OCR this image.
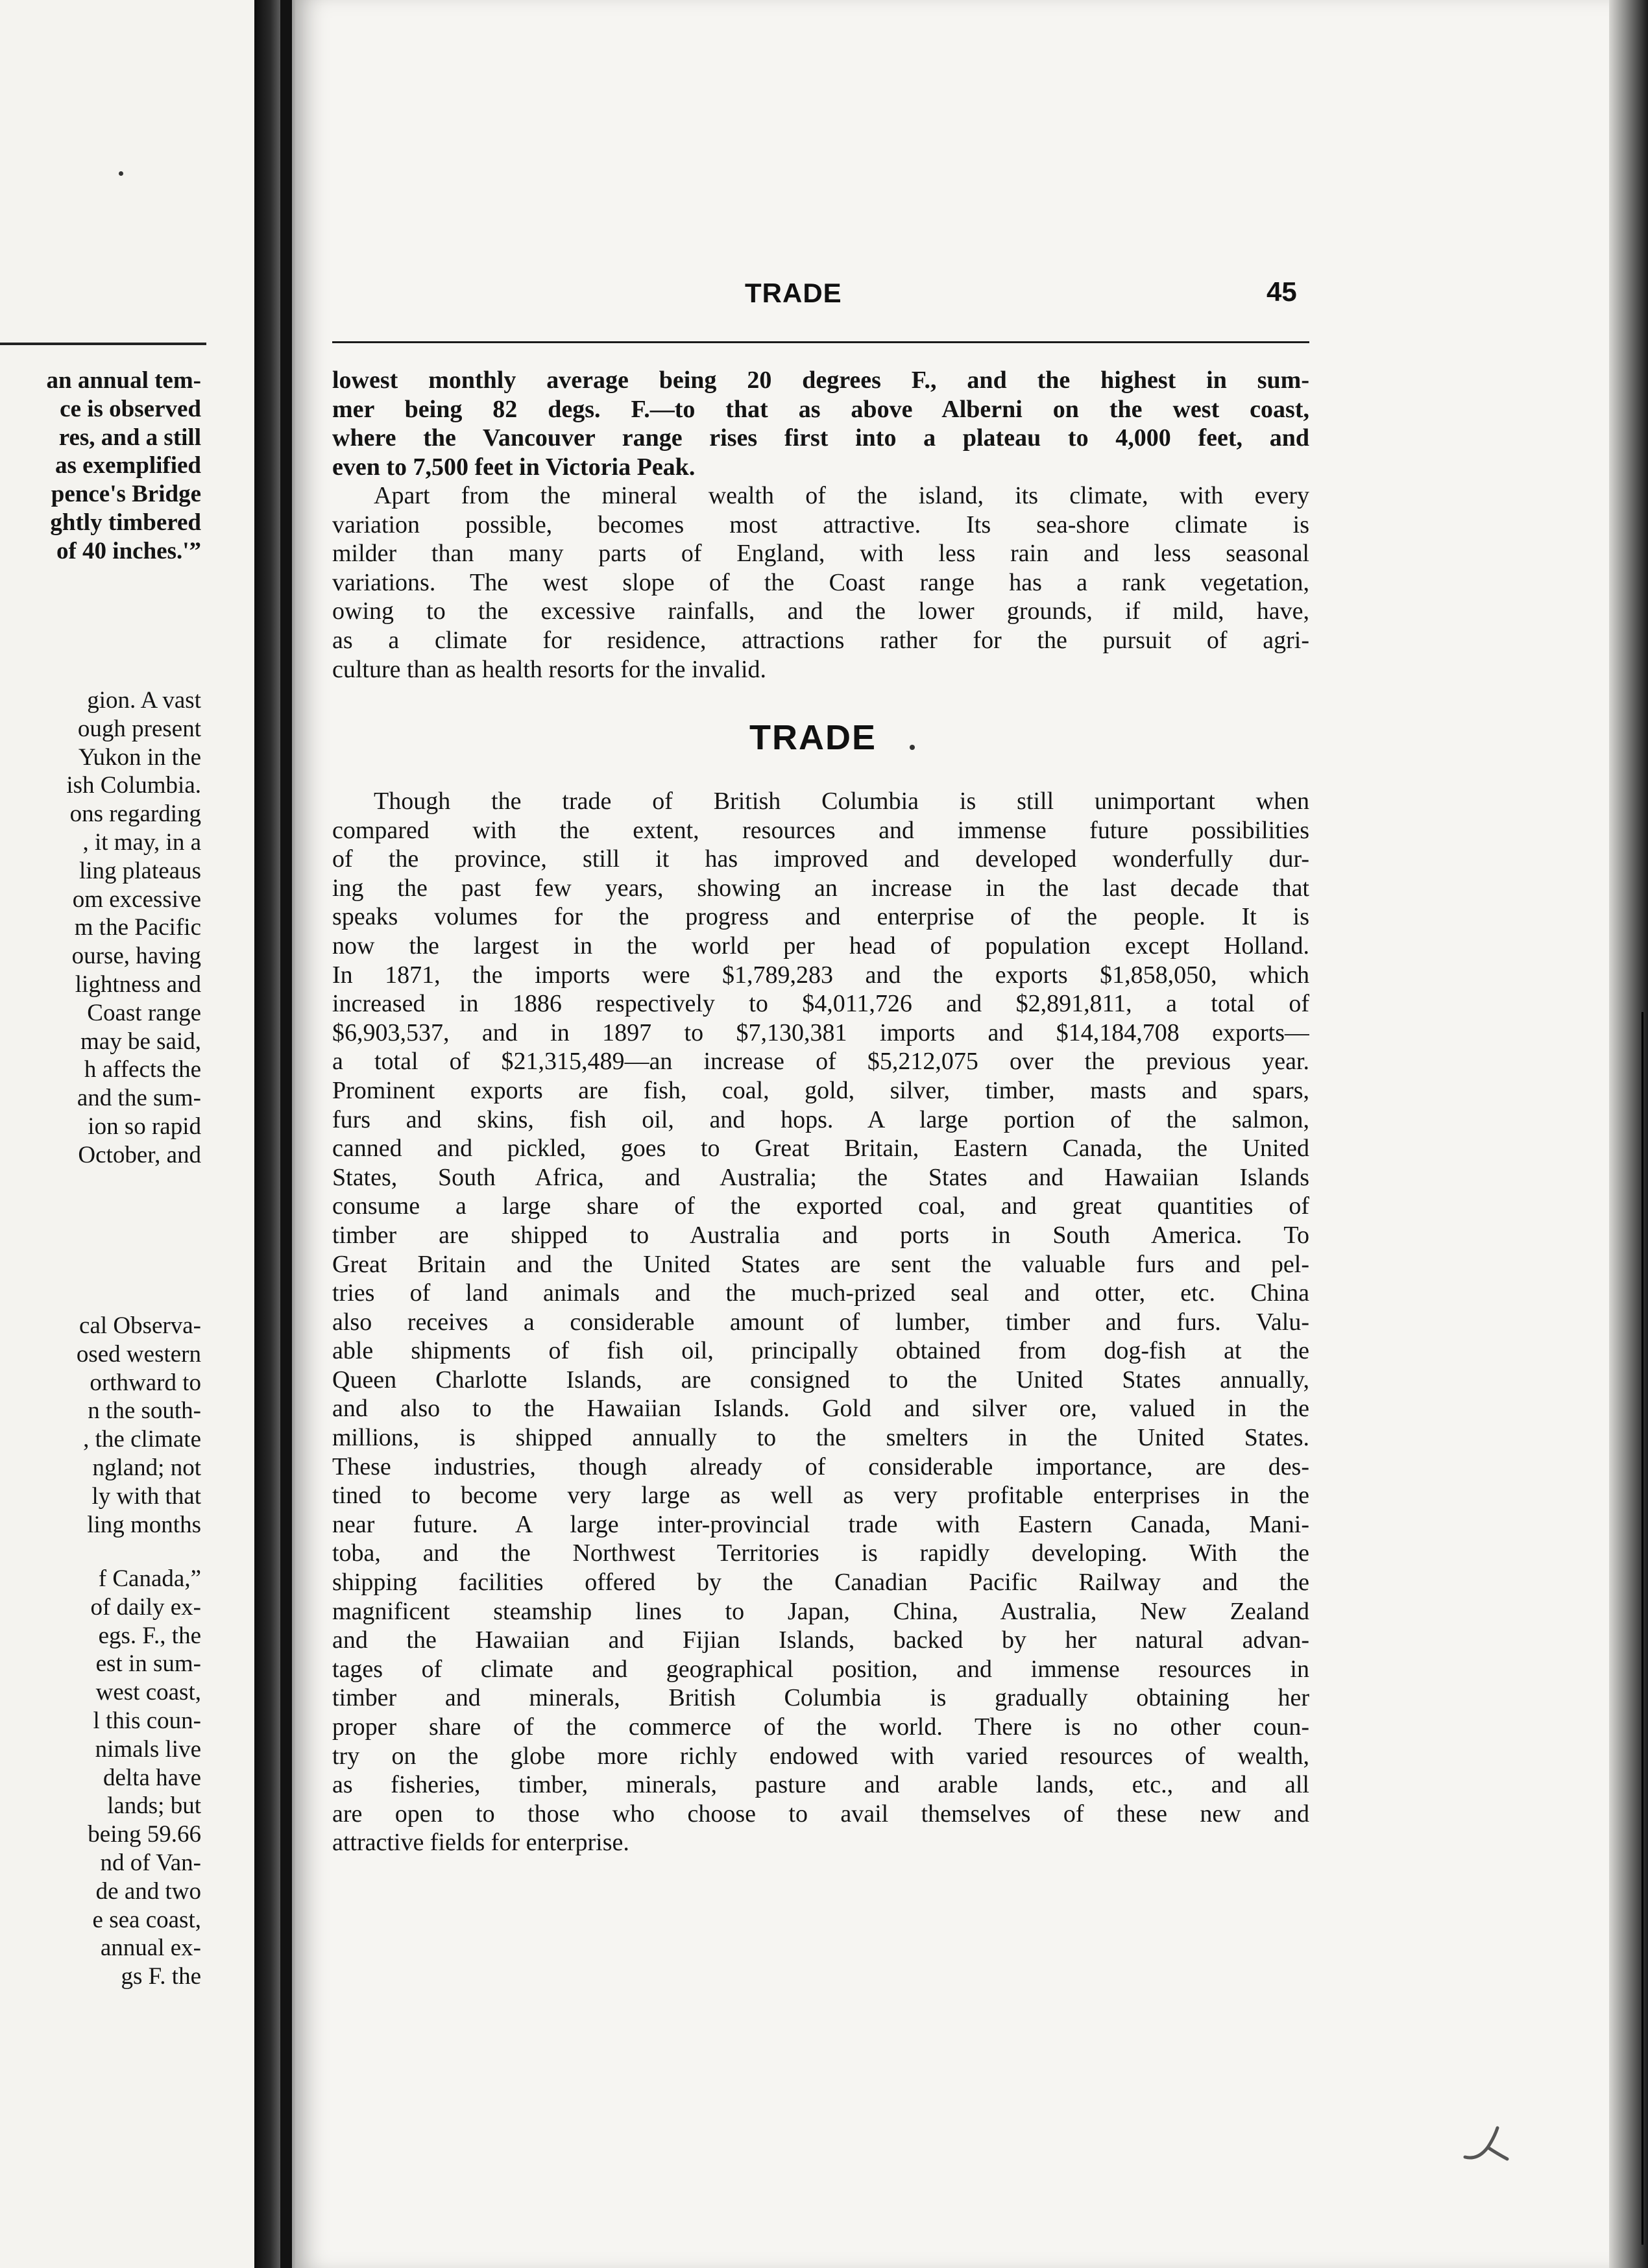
an annual tem-
ce is observed
res, and a still
as exemplified
pence's Bridge
ghtly timbered
of 40 inches.'”
gion. A vast
ough present
Yukon in the
ish Columbia.
ons regarding
, it may, in a
ling plateaus
om excessive
m the Pacific
ourse, having
lightness and
Coast range
may be said,
h affects the
and the sum-
ion so rapid
October, and
cal Observa-
osed western
orthward to
n the south-
, the climate
ngland; not
ly with that
ling months
f Canada,”
of daily ex-
egs. F., the
est in sum-
west coast,
l this coun-
nimals live
delta have
lands; but
being 59.66
nd of Van-
de and two
e sea coast,
annual ex-
gs F. the
TRADE	45
lowest monthly average being 20 degrees F., and the highest in sum-
mer being 82 degs. F.—to that as above Alberni on the west coast,
where the Vancouver range rises first into a plateau to 4,000 feet, and
even to 7,500 feet in Victoria Peak.
Apart from the mineral wealth of the island, its climate, with every
variation possible, becomes most attractive. Its sea-shore climate is
milder than many parts of England, with less rain and less seasonal
variations. The west slope of the Coast range has a rank vegetation,
owing to the excessive rainfalls, and the lower grounds, if mild, have,
as a climate for residence, attractions rather for the pursuit of agri-
culture than as health resorts for the invalid.
TRADE
Though the trade of British Columbia is still unimportant when
compared with the extent, resources and immense future possibilities
of the province, still it has improved and developed wonderfully dur-
ing the past few years, showing an increase in the last decade that
speaks volumes for the progress and enterprise of the people. It is
now the largest in the world per head of population except Holland.
In 1871, the imports were $1,789,283 and the exports $1,858,050, which
increased in 1886 respectively to $4,011,726 and $2,891,811, a total of
$6,903,537, and in 1897 to $7,130,381 imports and $14,184,708 exports—
a total of $21,315,489—an increase of $5,212,075 over the previous year.
Prominent exports are fish, coal, gold, silver, timber, masts and spars,
furs and skins, fish oil, and hops. A large portion of the salmon,
canned and pickled, goes to Great Britain, Eastern Canada, the United
States, South Africa, and Australia; the States and Hawaiian Islands
consume a large share of the exported coal, and great quantities of
timber are shipped to Australia and ports in South America. To
Great Britain and the United States are sent the valuable furs and pel-
tries of land animals and the much-prized seal and otter, etc. China
also receives a considerable amount of lumber, timber and furs. Valu-
able shipments of fish oil, principally obtained from dog-fish at the
Queen Charlotte Islands, are consigned to the United States annually,
and also to the Hawaiian Islands. Gold and silver ore, valued in the
millions, is shipped annually to the smelters in the United States.
These industries, though already of considerable importance, are des-
tined to become very large as well as very profitable enterprises in the
near future. A large inter-provincial trade with Eastern Canada, Mani-
toba, and the Northwest Territories is rapidly developing. With the
shipping facilities offered by the Canadian Pacific Railway and the
magnificent steamship lines to Japan, China, Australia, New Zealand
and the Hawaiian and Fijian Islands, backed by her natural advan-
tages of climate and geographical position, and immense resources in
timber and minerals, British Columbia is gradually obtaining her
proper share of the commerce of the world. There is no other coun-
try on the globe more richly endowed with varied resources of wealth,
as fisheries, timber, minerals, pasture and arable lands, etc., and all
are open to those who choose to avail themselves of these new and
attractive fields for enterprise.
